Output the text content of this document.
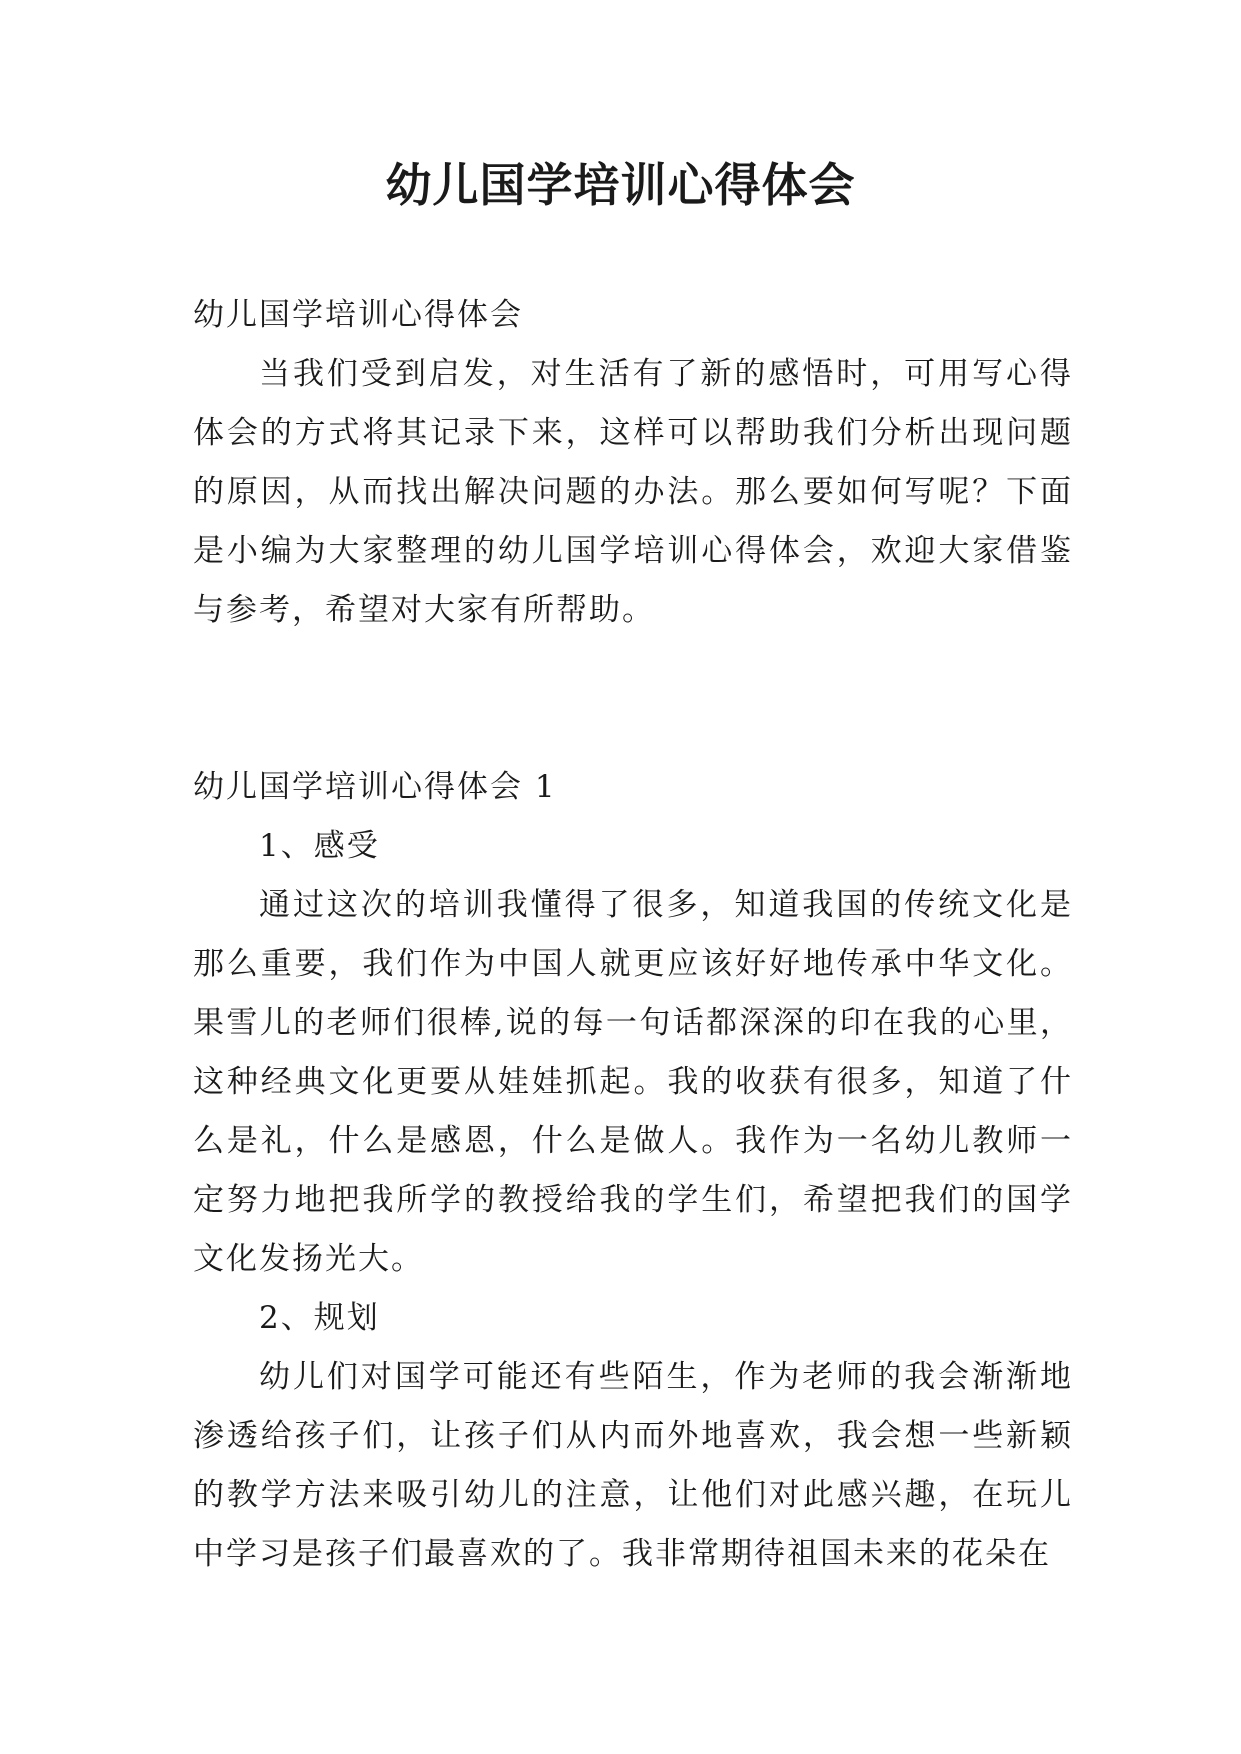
幼儿国学培训心得体会

幼儿国学培训心得体会

当我们受到启发，对生活有了新的感悟时，可用写心得体会的方式将其记录下来，这样可以帮助我们分析出现问题的原因，从而找出解决问题的办法。那么要如何写呢？下面是小编为大家整理的幼儿国学培训心得体会，欢迎大家借鉴与参考，希望对大家有所帮助。

幼儿国学培训心得体会 1

1、感受

通过这次的培训我懂得了很多，知道我国的传统文化是那么重要，我们作为中国人就更应该好好地传承中华文化。果雪儿的老师们很棒,说的每一句话都深深的印在我的心里，这种经典文化更要从娃娃抓起。我的收获有很多，知道了什么是礼，什么是感恩，什么是做人。我作为一名幼儿教师一定努力地把我所学的教授给我的学生们，希望把我们的国学文化发扬光大。

2、规划

幼儿们对国学可能还有些陌生，作为老师的我会渐渐地渗透给孩子们，让孩子们从内而外地喜欢，我会想一些新颖的教学方法来吸引幼儿的注意，让他们对此感兴趣，在玩儿中学习是孩子们最喜欢的了。我非常期待祖国未来的花朵在
